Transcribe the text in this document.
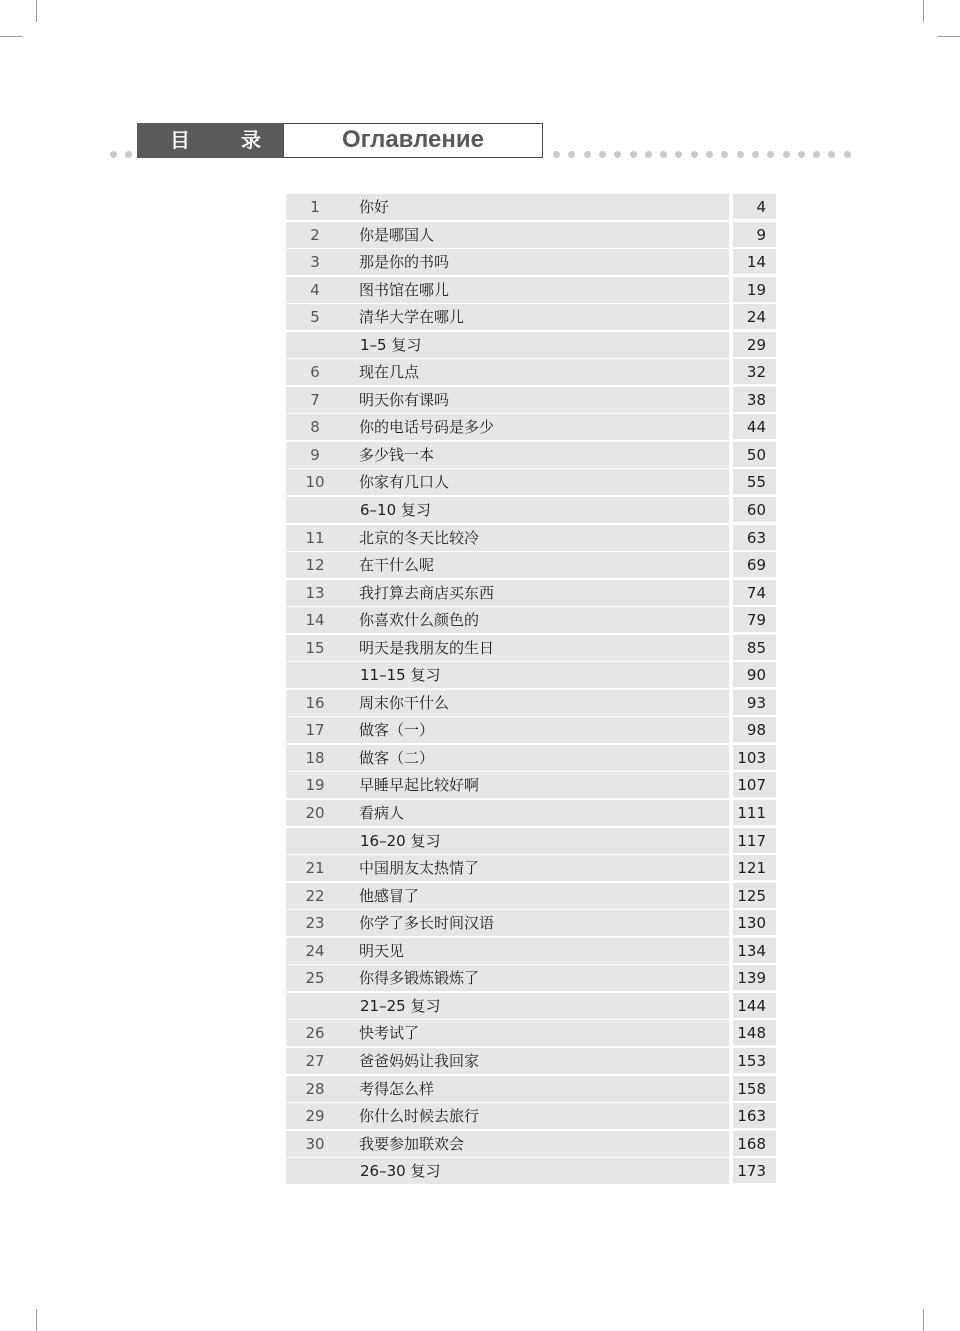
目 录	Оглавление
1	你好	4
2	你是哪国人	9
3	那是你的书吗	14
4	图书馆在哪儿	19
5	清华大学在哪儿	24
1–5 复习	29
6	现在几点	32
7	明天你有课吗	38
8	你的电话号码是多少	44
9	多少钱一本	50
10	你家有几口人	55
6–10 复习	60
11	北京的冬天比较冷	63
12	在干什么呢	69
13	我打算去商店买东西	74
14	你喜欢什么颜色的	79
15	明天是我朋友的生日	85
11–15 复习	90
16	周末你干什么	93
17	做客（一）	98
18	做客（二）	103
19	早睡早起比较好啊	107
20	看病人	111
16–20 复习	117
21	中国朋友太热情了	121
22	他感冒了	125
23	你学了多长时间汉语	130
24	明天见	134
25	你得多锻炼锻炼了	139
21–25 复习	144
26	快考试了	148
27	爸爸妈妈让我回家	153
28	考得怎么样	158
29	你什么时候去旅行	163
30	我要参加联欢会	168
26–30 复习	173
